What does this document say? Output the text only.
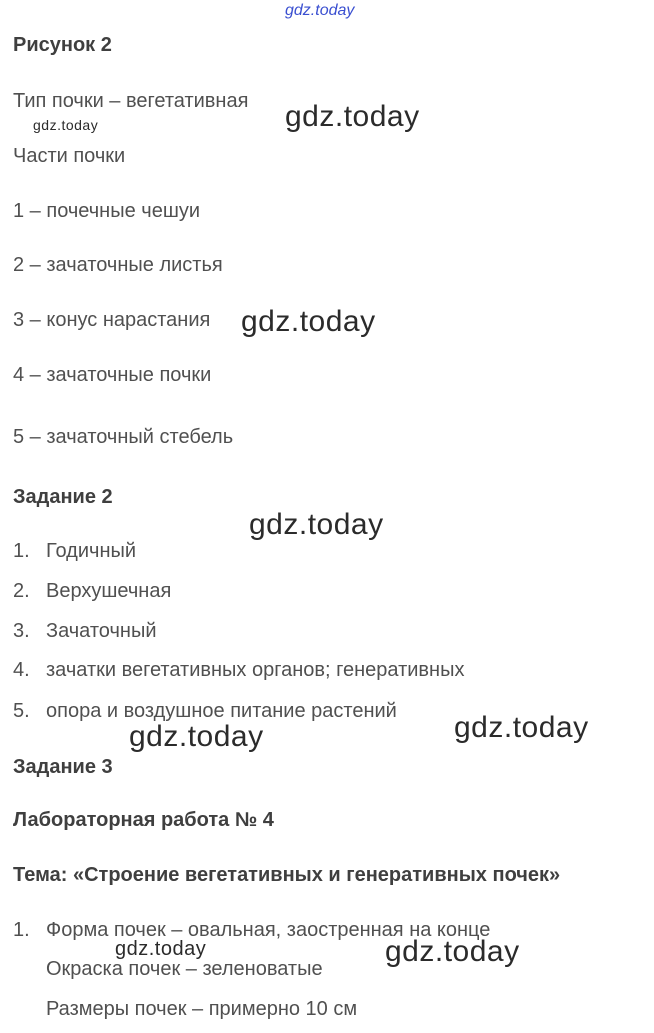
gdz.today
Рисунок 2
Тип почки – вегетативная
gdz.today	gdz.today
Части почки
1 – почечные чешуи
2 – зачаточные листья
3 – конус нарастания gdz.today
4 – зачаточные почки
5 – зачаточный стебель
Задание 2
gdz.today
1. Годичный
2. Верхушечная
3. Зачаточный
4. зачатки вегетативных органов; генеративных
5. опора и воздушное питание растений
gdz.today	gdz.today
Задание 3
Лабораторная работа № 4
Тема: «Строение вегетативных и генеративных почек»
1. Форма почек – овальная, заостренная на конце
gdz.today
Окраска почек – зеленоватые
gdz.today
Размеры почек – примерно 10 см
